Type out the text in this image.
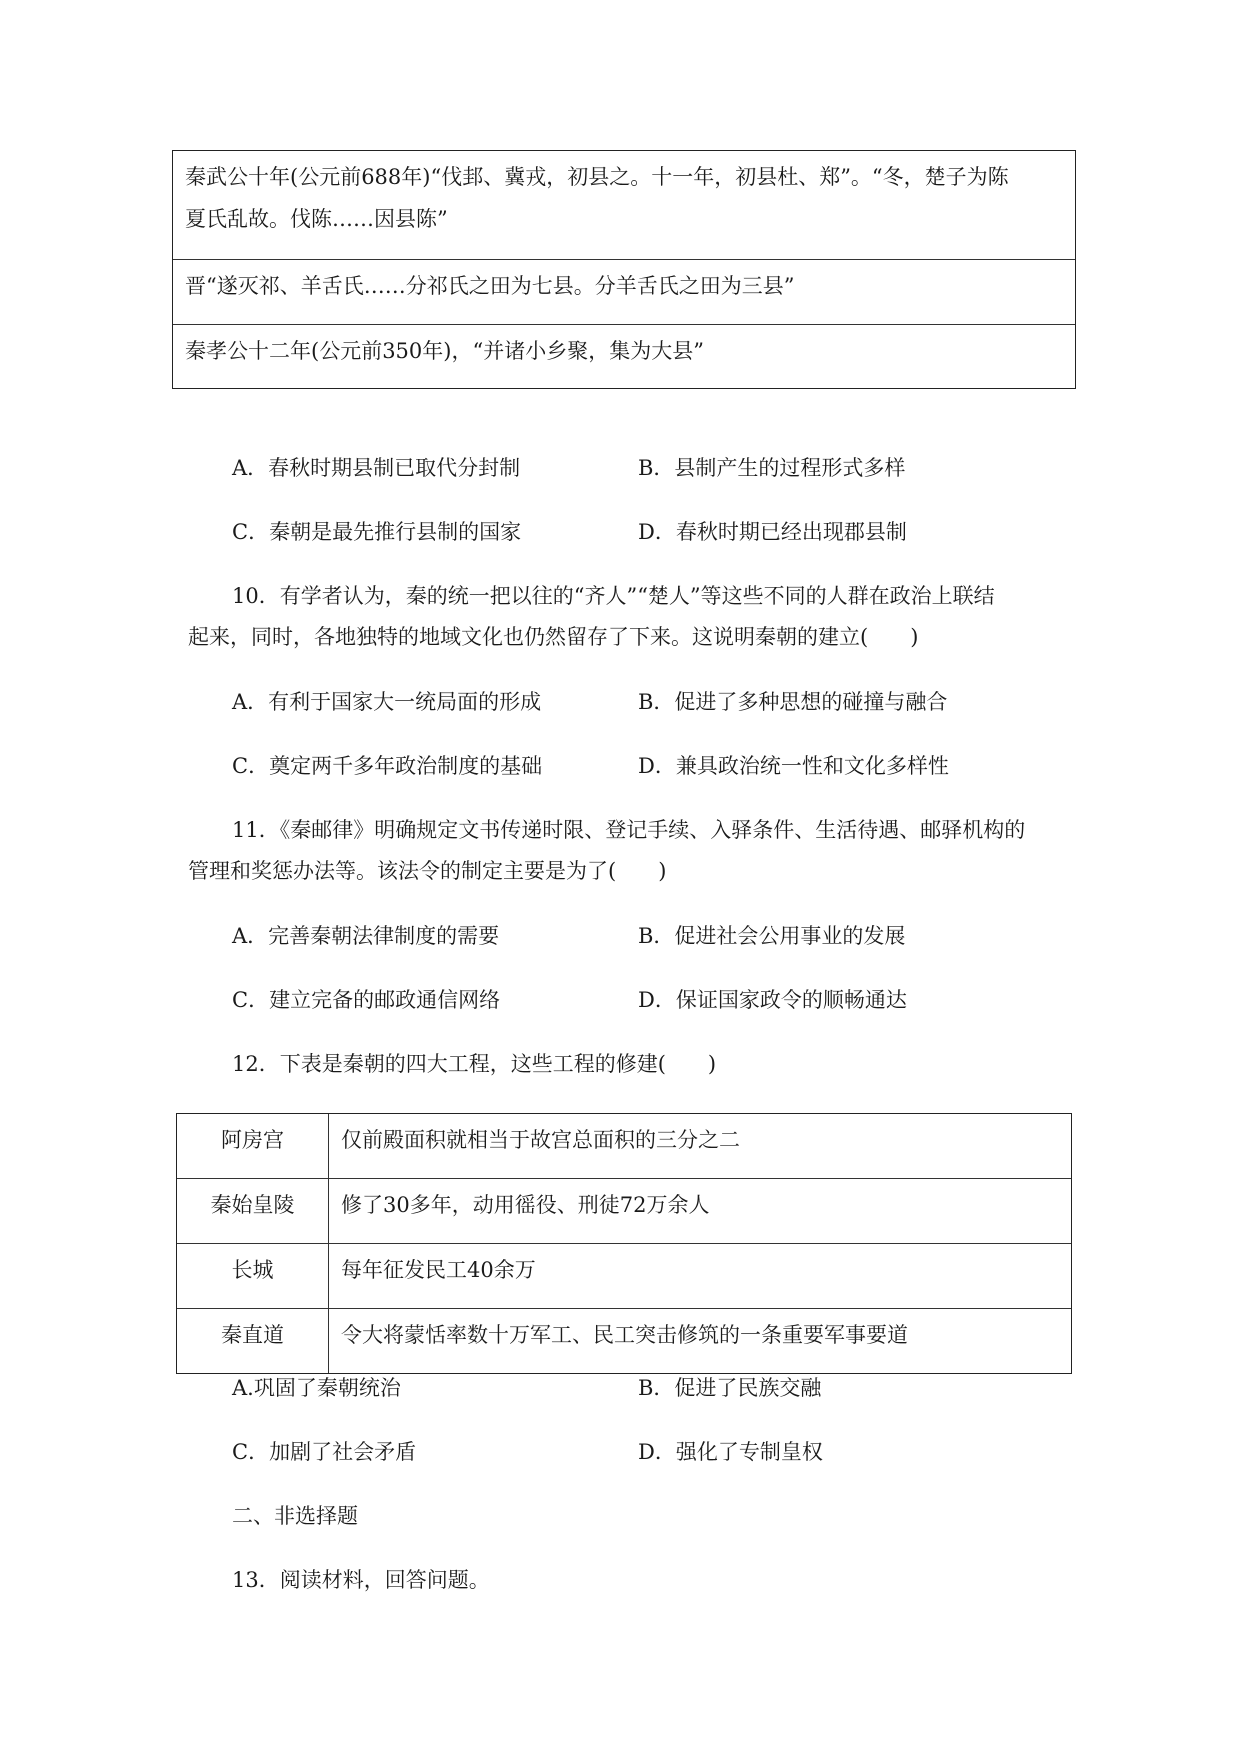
秦武公十年(公元前688年)“伐邽、冀戎，初县之。十一年，初县杜、郑”。“冬，楚子为陈

夏氏乱故。伐陈……因县陈”

晋“遂灭祁、羊舌氏……分祁氏之田为七县。分羊舌氏之田为三县”

秦孝公十二年(公元前350年)，“并诸小乡聚，集为大县”

A．春秋时期县制已取代分封制	B．县制产生的过程形式多样
C．秦朝是最先推行县制的国家	D．春秋时期已经出现郡县制
10．有学者认为，秦的统一把以往的“齐人”“楚人”等这些不同的人群在政治上联结
起来，同时，各地独特的地域文化也仍然留存了下来。这说明秦朝的建立(　　)
A．有利于国家大一统局面的形成	B．促进了多种思想的碰撞与融合
C．奠定两千多年政治制度的基础	D．兼具政治统一性和文化多样性
11．《秦邮律》明确规定文书传递时限、登记手续、入驿条件、生活待遇、邮驿机构的
管理和奖惩办法等。该法令的制定主要是为了(　　)
A．完善秦朝法律制度的需要	B．促进社会公用事业的发展
C．建立完备的邮政通信网络	D．保证国家政令的顺畅通达
12．下表是秦朝的四大工程，这些工程的修建(　　)
阿房宫	仅前殿面积就相当于故宫总面积的三分之二
秦始皇陵	修了30多年，动用徭役、刑徒72万余人
长城	每年征发民工40余万
秦直道	令大将蒙恬率数十万军工、民工突击修筑的一条重要军事要道
A.巩固了秦朝统治	B．促进了民族交融
C．加剧了社会矛盾	D．强化了专制皇权
二、非选择题
13．阅读材料，回答问题。
